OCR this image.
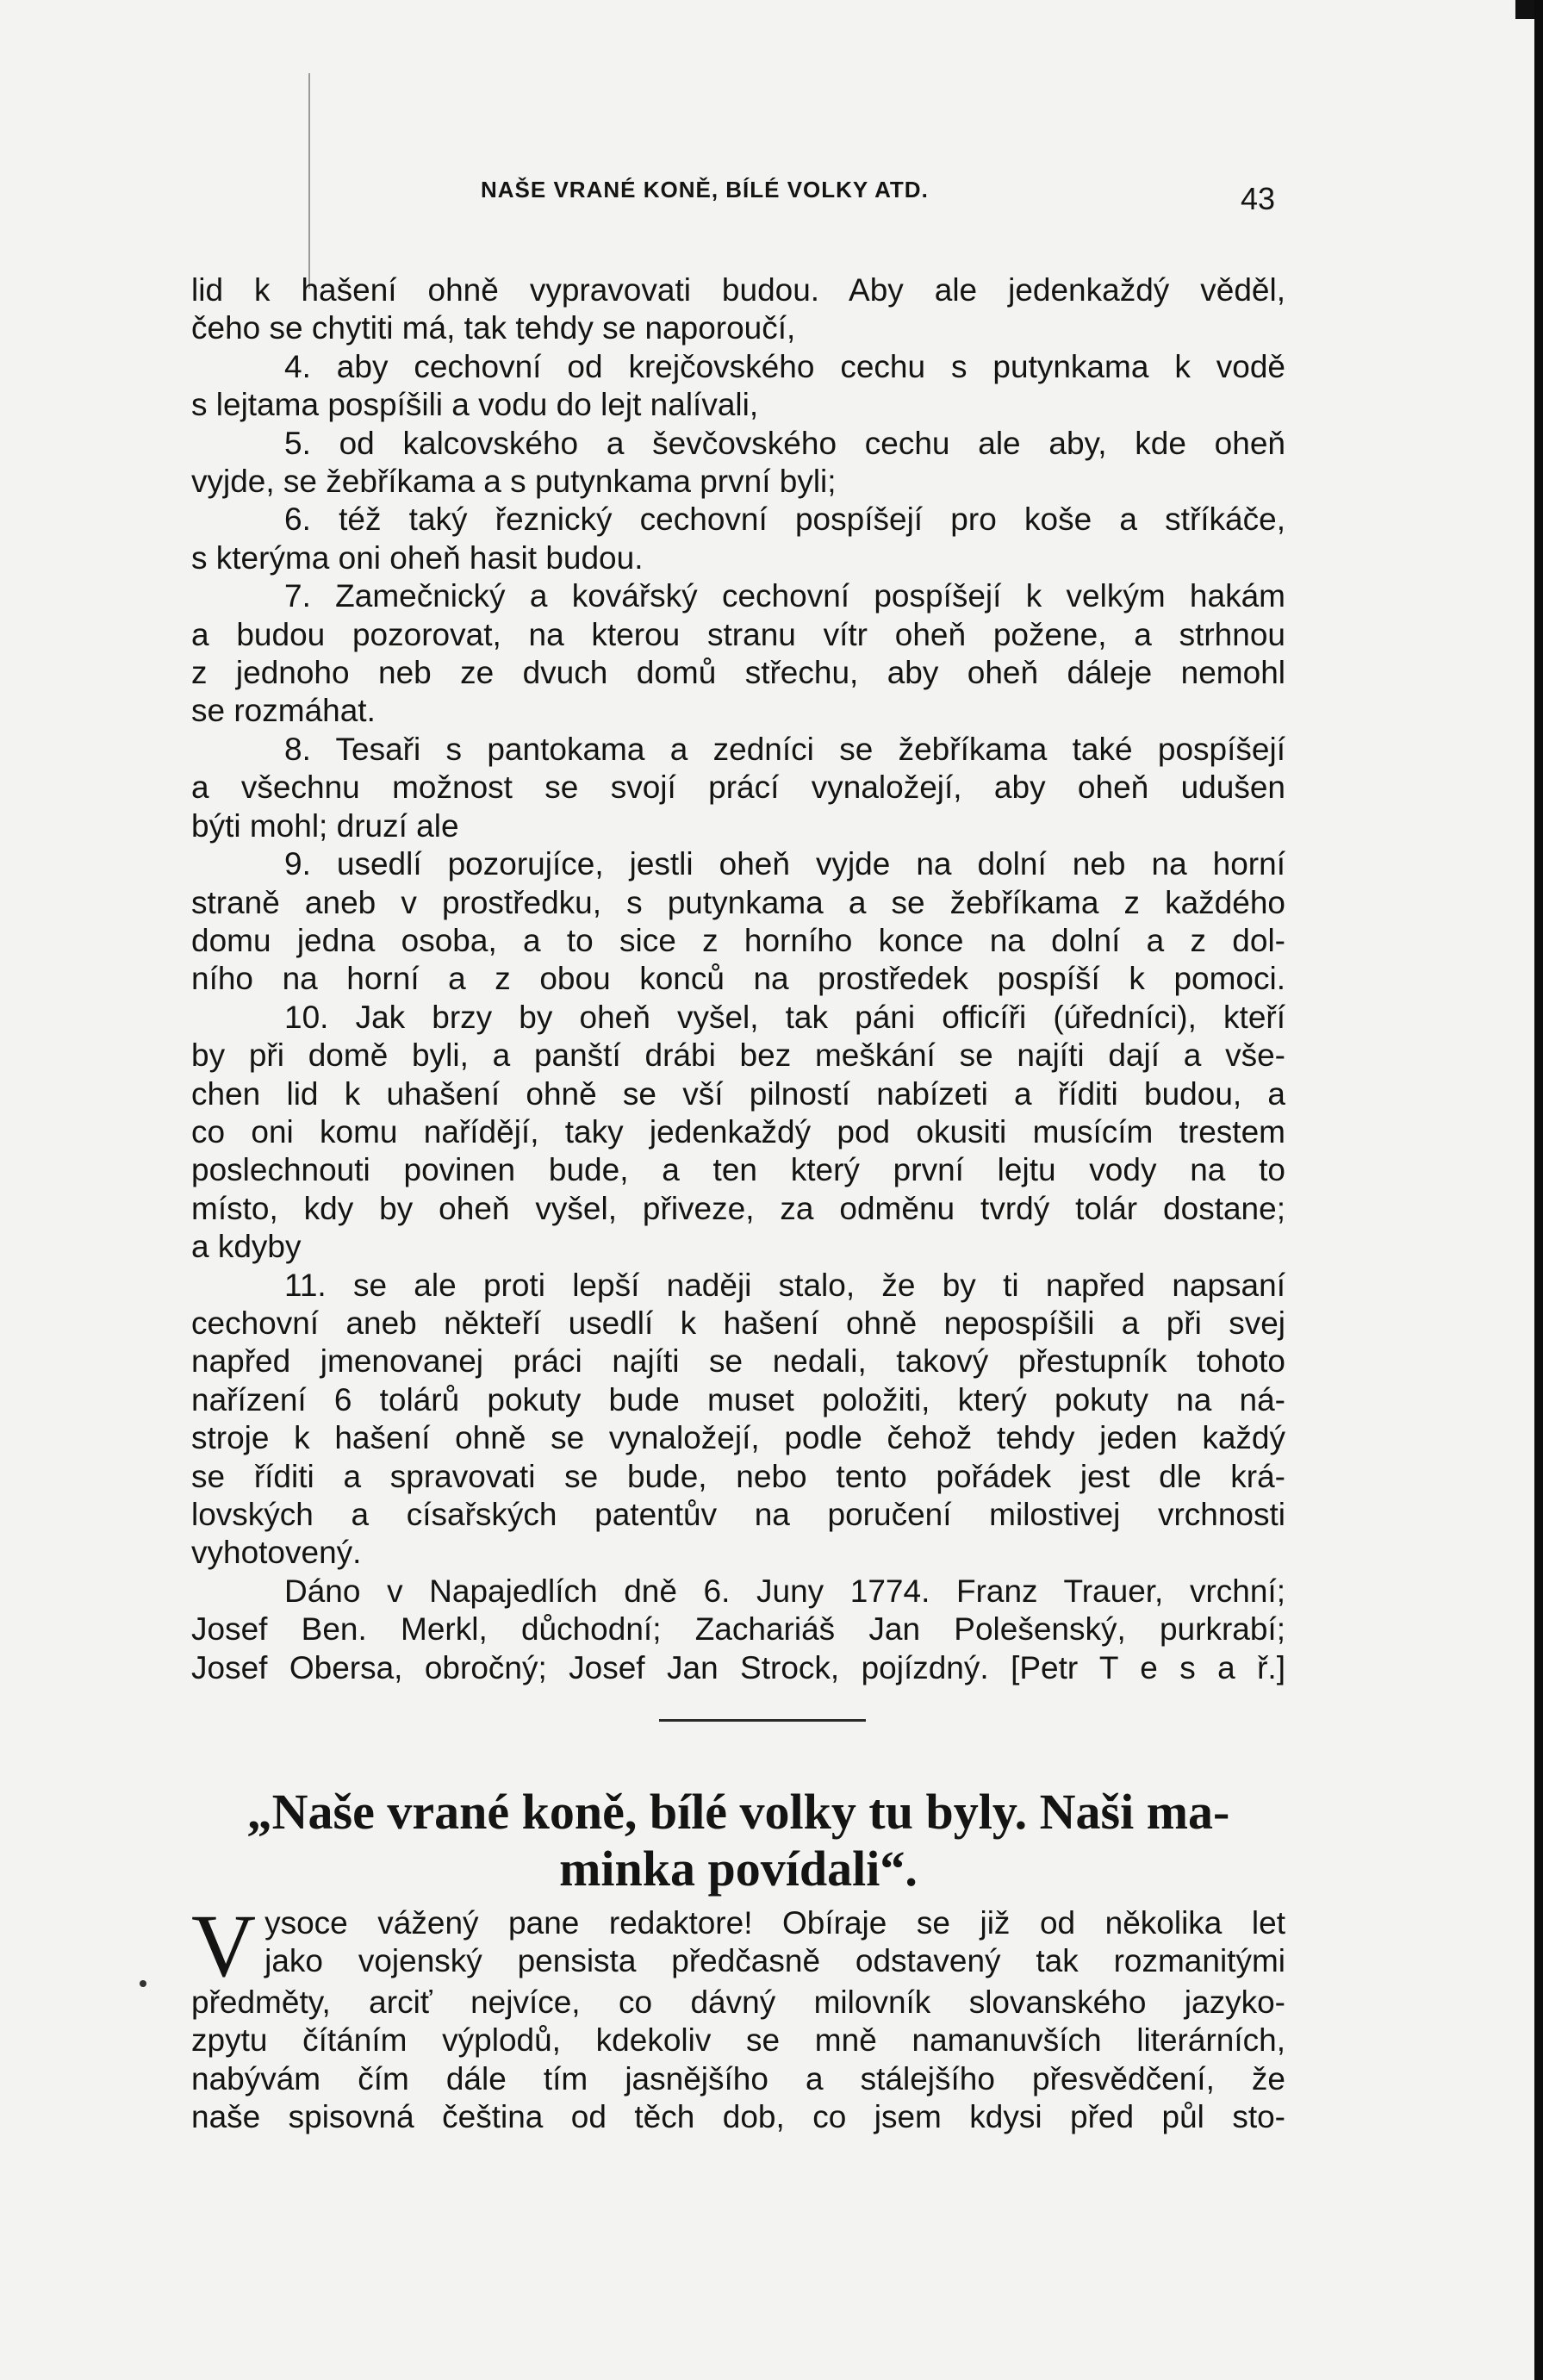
NAŠE VRANÉ KONĚ, BÍLÉ VOLKY ATD.	43
lid k hašení ohně vypravovati budou. Aby ale jedenkaždý věděl,
čeho se chytiti má, tak tehdy se naporoučí,
4. aby cechovní od krejčovského cechu s putynkama k vodě
s lejtama pospíšili a vodu do lejt nalívali,
5. od kalcovského a ševčovského cechu ale aby, kde oheň
vyjde, se žebříkama a s putynkama první byli;
6. též taký řeznický cechovní pospíšejí pro koše a stříkáče,
s kterýma oni oheň hasit budou.
7. Zamečnický a kovářský cechovní pospíšejí k velkým hakám
a budou pozorovat, na kterou stranu vítr oheň požene, a strhnou
z jednoho neb ze dvuch domů střechu, aby oheň dáleje nemohl
se rozmáhat.
8. Tesaři s pantokama a zedníci se žebříkama také pospíšejí
a všechnu možnost se svojí prácí vynaložejí, aby oheň udušen
býti mohl; druzí ale
9. usedlí pozorujíce, jestli oheň vyjde na dolní neb na horní
straně aneb v prostředku, s putynkama a se žebříkama z každého
domu jedna osoba, a to sice z horního konce na dolní a z dol-
ního na horní a z obou konců na prostředek pospíší k pomoci.
10. Jak brzy by oheň vyšel, tak páni officíři (úředníci), kteří
by při domě byli, a panští drábi bez meškání se najíti dají a vše-
chen lid k uhašení ohně se vší pilností nabízeti a říditi budou, a
co oni komu nařídějí, taky jedenkaždý pod okusiti musícím trestem
poslechnouti povinen bude, a ten který první lejtu vody na to
místo, kdy by oheň vyšel, přiveze, za odměnu tvrdý tolár dostane;
a kdyby
11. se ale proti lepší naději stalo, že by ti napřed napsaní
cechovní aneb někteří usedlí k hašení ohně nepospíšili a při svej
napřed jmenovanej práci najíti se nedali, takový přestupník tohoto
nařízení 6 tolárů pokuty bude muset položiti, který pokuty na ná-
stroje k hašení ohně se vynaložejí, podle čehož tehdy jeden každý
se říditi a spravovati se bude, nebo tento pořádek jest dle krá-
lovských a císařských patentův na poručení milostivej vrchnosti
vyhotovený.
Dáno v Napajedlích dně 6. Juny 1774. Franz Trauer, vrchní;
Josef Ben. Merkl, důchodní; Zachariáš Jan Polešenský, purkrabí;
Josef Obersa, obročný; Josef Jan Strock, pojízdný. [Petr T e s a ř.]
„Naše vrané koně, bílé volky tu byly. Naši ma-
minka povídali“.
V ysoce vážený pane redaktore! Obíraje se již od několika let
jako vojenský pensista předčasně odstavený tak rozmanitými
předměty, arciť nejvíce, co dávný milovník slovanského jazyko-
zpytu čítáním výplodů, kdekoliv se mně namanuvších literárních,
nabývám čím dále tím jasnějšího a stálejšího přesvědčení, že
naše spisovná čeština od těch dob, co jsem kdysi před půl sto-
